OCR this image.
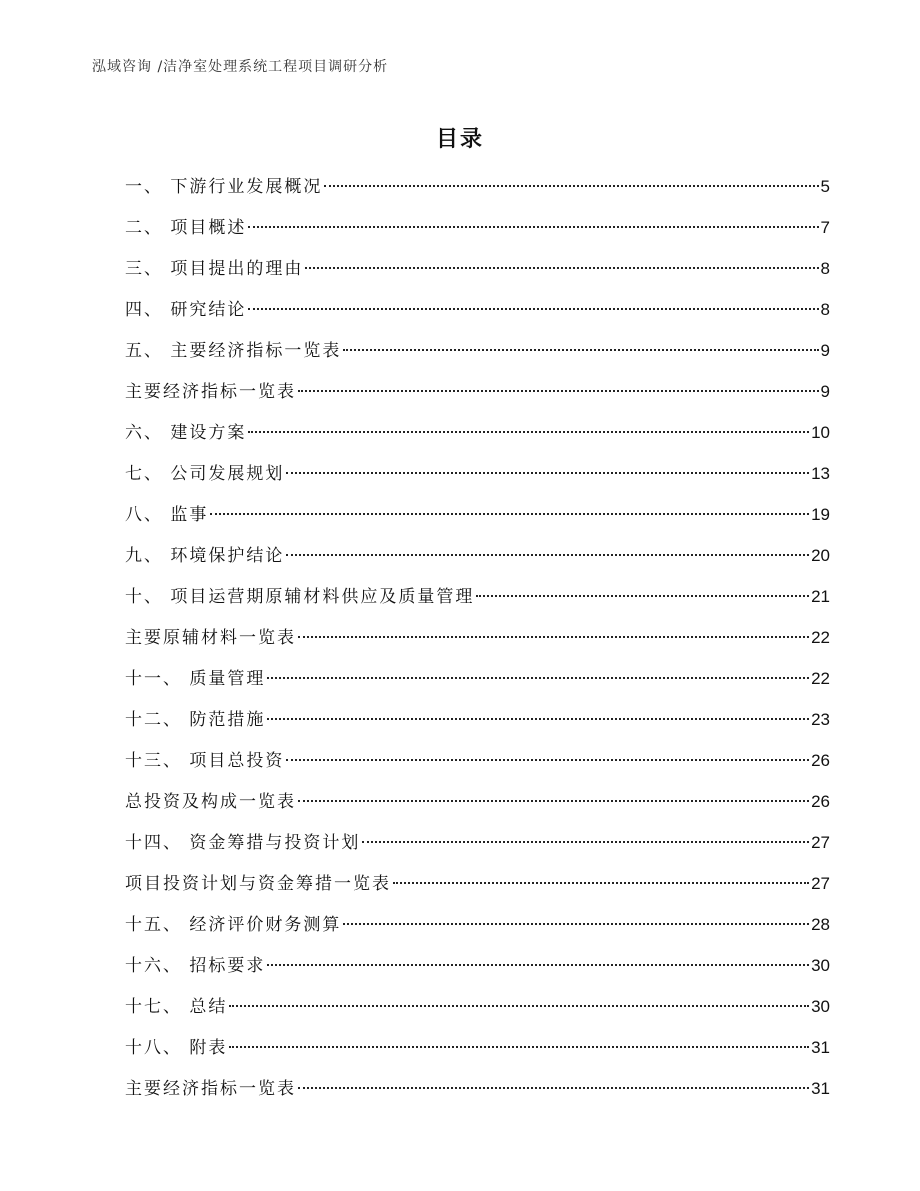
泓域咨询 /洁净室处理系统工程项目调研分析
目录
一、 下游行业发展概况	5
二、 项目概述	7
三、 项目提出的理由	8
四、 研究结论	8
五、 主要经济指标一览表	9
主要经济指标一览表	9
六、 建设方案	10
七、 公司发展规划	13
八、 监事	19
九、 环境保护结论	20
十、 项目运营期原辅材料供应及质量管理	21
主要原辅材料一览表	22
十一、 质量管理	22
十二、 防范措施	23
十三、 项目总投资	26
总投资及构成一览表	26
十四、 资金筹措与投资计划	27
项目投资计划与资金筹措一览表	27
十五、 经济评价财务测算	28
十六、 招标要求	30
十七、 总结	30
十八、 附表	31
主要经济指标一览表	31
